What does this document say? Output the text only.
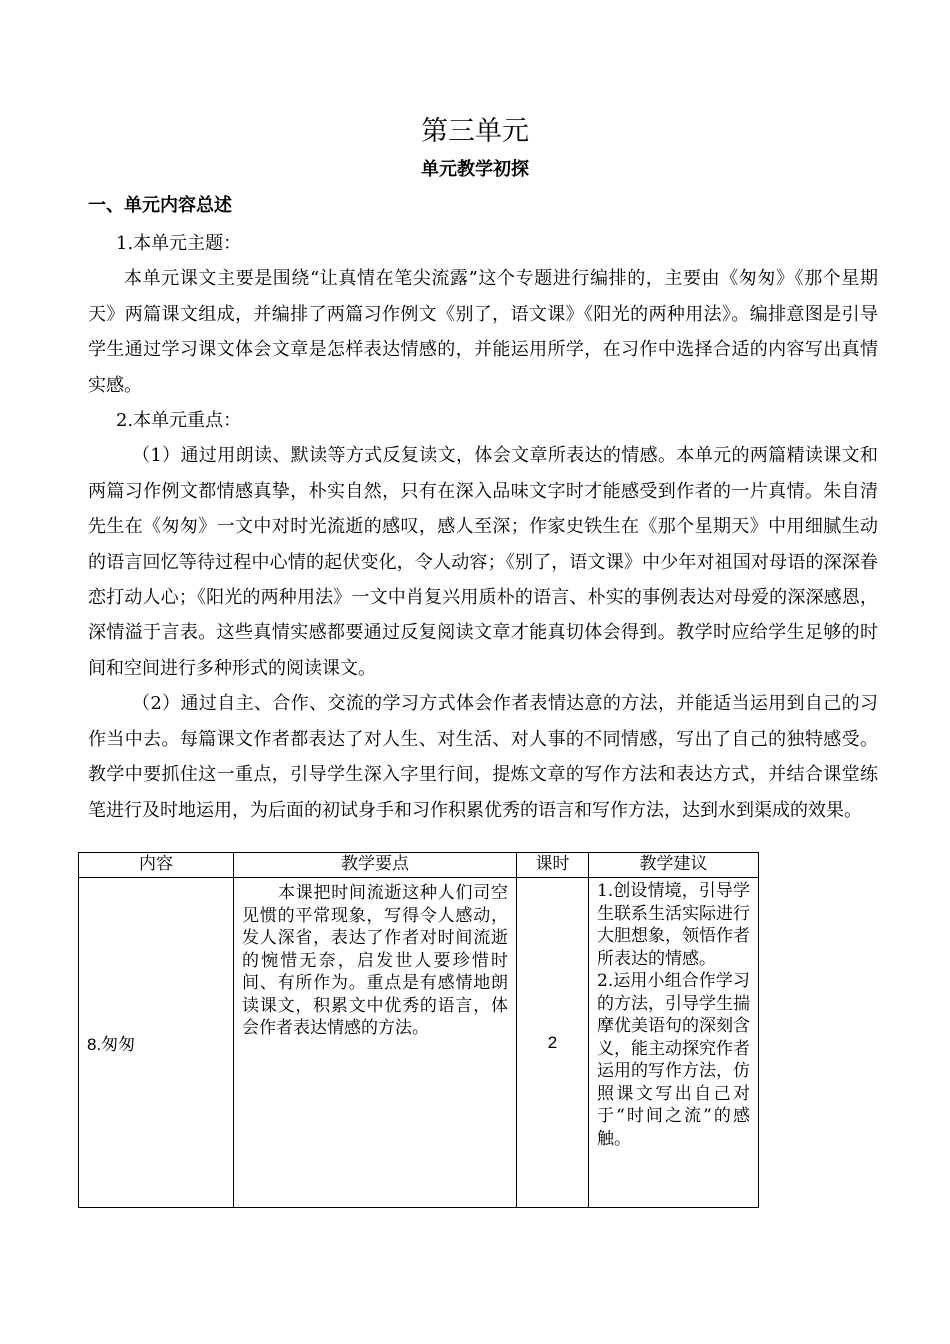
第三单元
单元教学初探
一、单元内容总述

1.本单元主题：

本单元课文主要是围绕“让真情在笔尖流露”这个专题进行编排的，主要由《匆匆》《那个星期天》两篇课文组成，并编排了两篇习作例文《别了，语文课》《阳光的两种用法》。编排意图是引导学生通过学习课文体会文章是怎样表达情感的，并能运用所学，在习作中选择合适的内容写出真情实感。

2.本单元重点：

（1）通过用朗读、默读等方式反复读文，体会文章所表达的情感。本单元的两篇精读课文和两篇习作例文都情感真挚，朴实自然，只有在深入品味文字时才能感受到作者的一片真情。朱自清先生在《匆匆》一文中对时光流逝的感叹，感人至深；作家史铁生在《那个星期天》中用细腻生动的语言回忆等待过程中心情的起伏变化，令人动容；《别了，语文课》中少年对祖国对母语的深深眷恋打动人心；《阳光的两种用法》一文中肖复兴用质朴的语言、朴实的事例表达对母爱的深深感恩，深情溢于言表。这些真情实感都要通过反复阅读文章才能真切体会得到。教学时应给学生足够的时间和空间进行多种形式的阅读课文。

（2）通过自主、合作、交流的学习方式体会作者表情达意的方法，并能适当运用到自己的习作当中去。每篇课文作者都表达了对人生、对生活、对人事的不同情感，写出了自己的独特感受。教学中要抓住这一重点，引导学生深入字里行间，提炼文章的写作方法和表达方式，并结合课堂练笔进行及时地运用，为后面的初试身手和习作积累优秀的语言和写作方法，达到水到渠成的效果。

内容	教学要点	课时	教学建议
8.匆匆	本课把时间流逝这种人们司空见惯的平常现象，写得令人感动，发人深省，表达了作者对时间流逝的惋惜无奈，启发世人要珍惜时间、有所作为。重点是有感情地朗读课文，积累文中优秀的语言，体会作者表达情感的方法。	2	1.创设情境，引导学生联系生活实际进行大胆想象，领悟作者所表达的情感。
2.运用小组合作学习的方法，引导学生揣摩优美语句的深刻含义，能主动探究作者运用的写作方法，仿照课文写出自己对于“时间之流”的感触。
